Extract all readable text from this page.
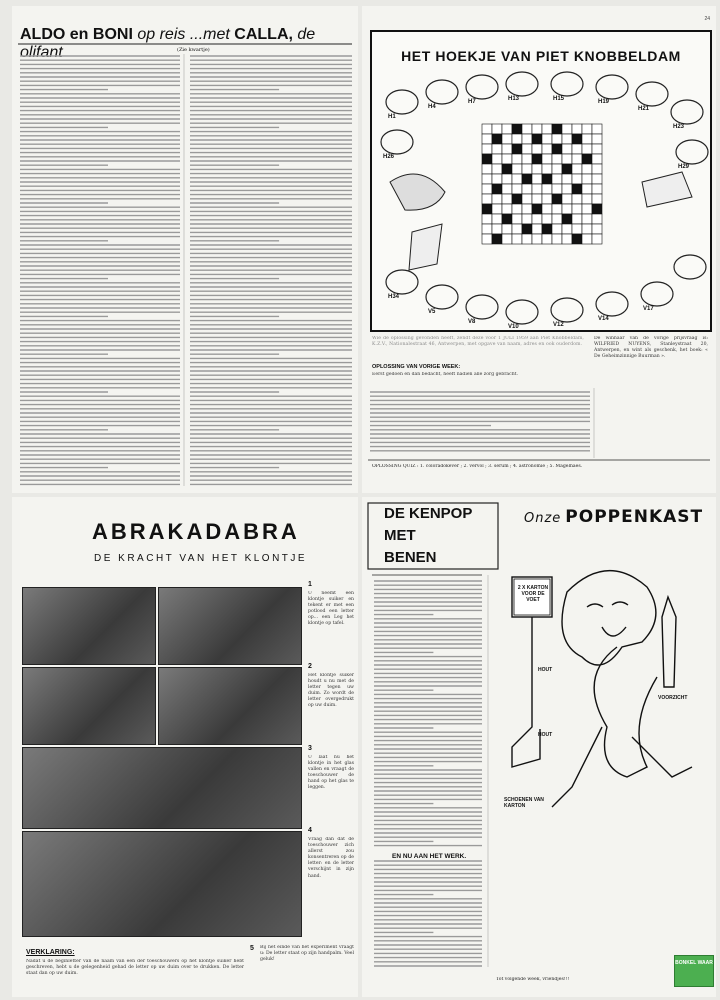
ALDO en BONI op reis ...met CALLA, de olifant	(Zie kwartje)
24
HET HOEKJE VAN PIET KNOBBELDAM
H1
H4
H7	H13	H15	H19
H21
H23
H26
H29
H34
V5
V8
V10	V12
V14
V17
Wie de oplossing gevonden heeft, zendt deze vóór 1 JULI 1959 aan Piet Knobbeldam, K.Z.V., Nationalestraat 46, Antwerpen, met opgave van naam, adres en ook ouderdom.
OPLOSSING VAN VORIGE WEEK:
Eerst gedoen en dan bedacht, heeft nadien alle zorg gebracht.
De winnaar van de vorige prijsvraag is: WILFRIED NUYENS, Stanleystraat 20, Antwerpen, en wint als geschenk, het boek: « De Geheimzinnige Buurman ».
OPLOSSING QUIZ : 1. coloradokever ; 2. vervol ; 3. serum ; 4. astronomie ; 5. Magelhaes.
ABRAKADABRA
DE KRACHT VAN HET KLONTJE
1
U neemt een klontje suiker en tekent er met een potlood een letter op... een Leg het klontje op tafel.
2
Het klontje suiker houdt u nu met de letter tegen uw duim. Zo wordt de letter overgedrukt op uw duim.
3
U laat nu het klontje in het glas vallen en vraagt de toeschouwer de hand op het glas te leggen.
4
Vraag dan dat de toeschouwer zich allerst zou konsentreren op de letter: en de letter verschijnt in zijn hand.
5 Bij het einde van het experiment vraagt u: De letter staat op zijn handpalm. Veel geluk!
VERKLARING:
Nadat u de beginletter van de naam van een der toeschouwers op het klontje suiker hebt geschreven, hebt u de gelegenheid gehad de letter op uw duim over te drukken. De letter staat dan op uw duim.
DE KENPOP
MET
BENEN
Onze POPPENKAST
2 X KARTON VOOR DE VOET
HOUT
HOUT
SCHOENEN VAN KARTON
VOORZICHT
EN NU AAN HET WERK.
Tot volgende week, vriendjes!!!
BONKEL WAAR
